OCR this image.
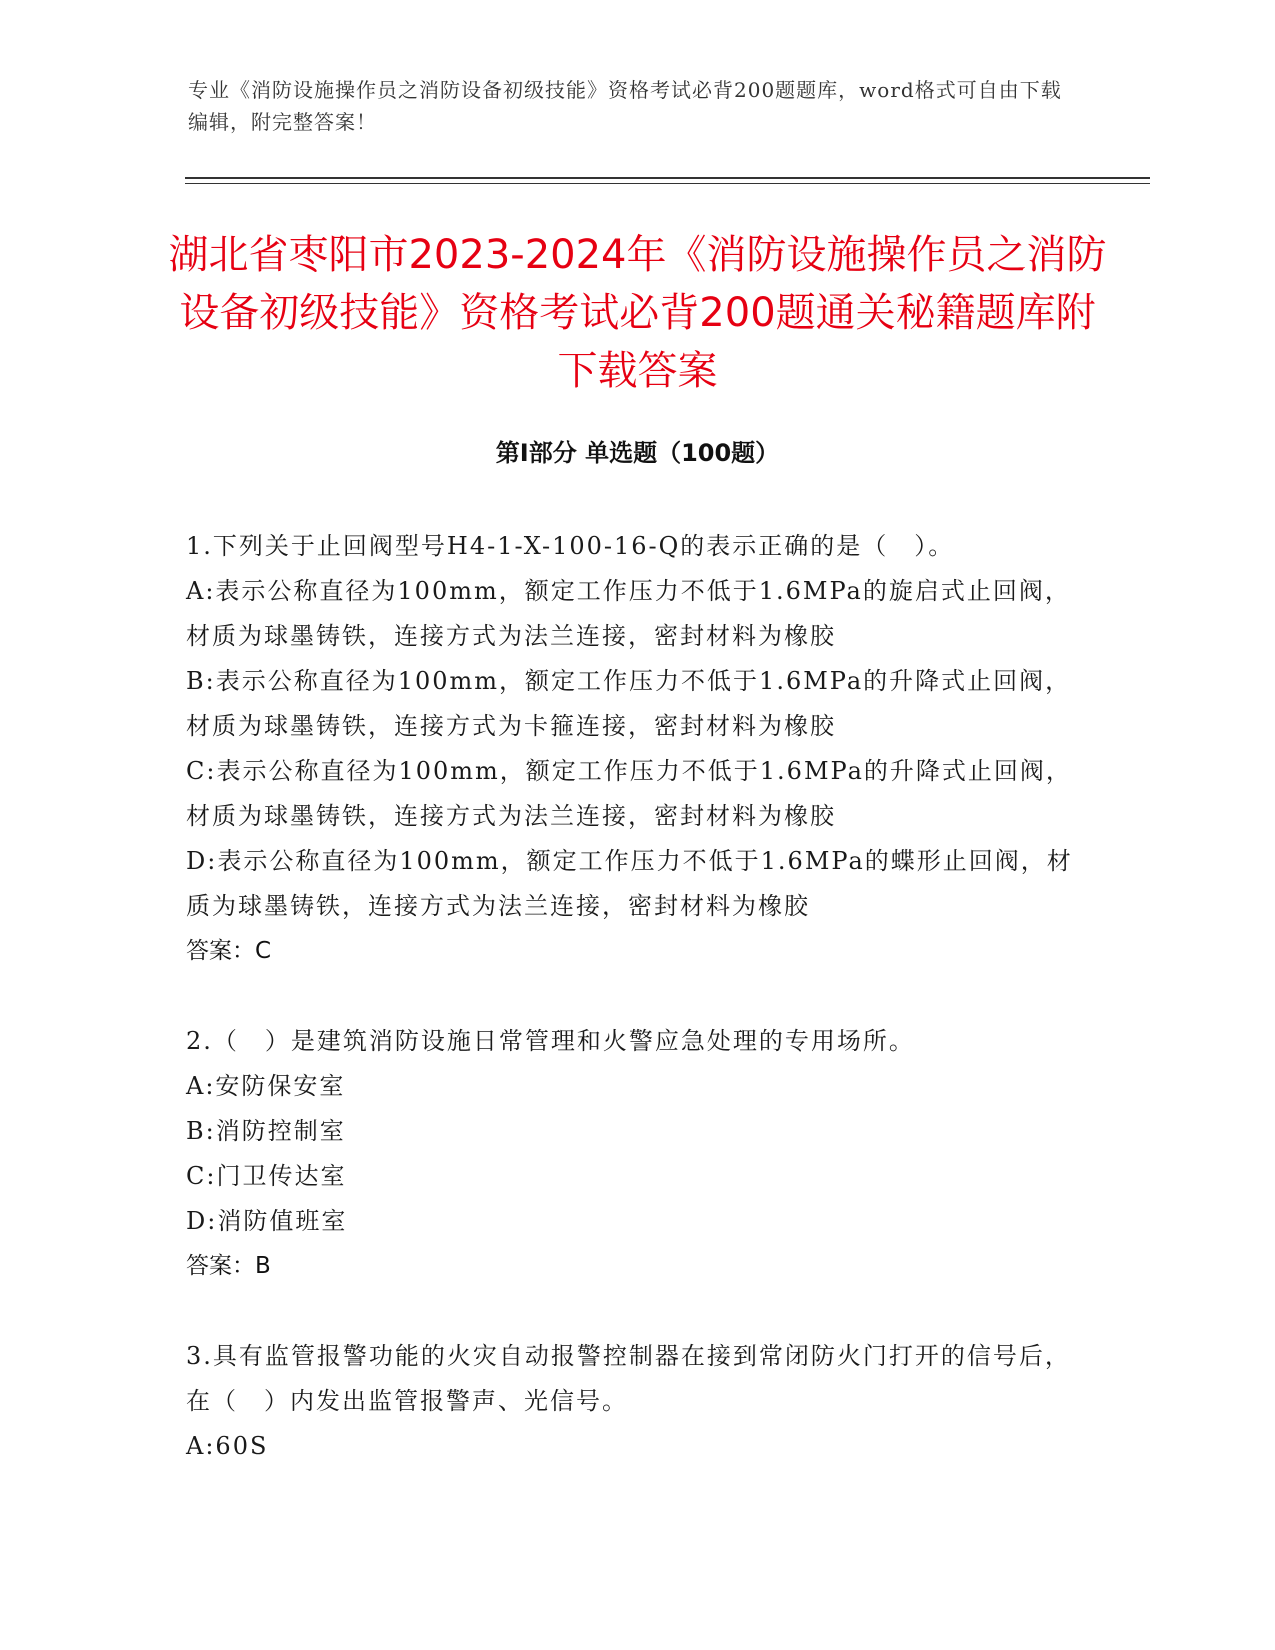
专业《消防设施操作员之消防设备初级技能》资格考试必背200题题库，word格式可自由下载编辑，附完整答案！
湖北省枣阳市2023-2024年《消防设施操作员之消防设备初级技能》资格考试必背200题通关秘籍题库附下载答案
第I部分 单选题（100题）

1.下列关于止回阀型号H4-1-X-100-16-Q的表示正确的是（　）。

A:表示公称直径为100mm，额定工作压力不低于1.6MPa的旋启式止回阀，材质为球墨铸铁，连接方式为法兰连接，密封材料为橡胶

B:表示公称直径为100mm，额定工作压力不低于1.6MPa的升降式止回阀，材质为球墨铸铁，连接方式为卡箍连接，密封材料为橡胶

C:表示公称直径为100mm，额定工作压力不低于1.6MPa的升降式止回阀，材质为球墨铸铁，连接方式为法兰连接，密封材料为橡胶

D:表示公称直径为100mm，额定工作压力不低于1.6MPa的蝶形止回阀，材质为球墨铸铁，连接方式为法兰连接，密封材料为橡胶

答案：C

2.（　）是建筑消防设施日常管理和火警应急处理的专用场所。

A:安防保安室

B:消防控制室

C:门卫传达室

D:消防值班室

答案：B

3.具有监管报警功能的火灾自动报警控制器在接到常闭防火门打开的信号后，在（　）内发出监管报警声、光信号。

A:60S
